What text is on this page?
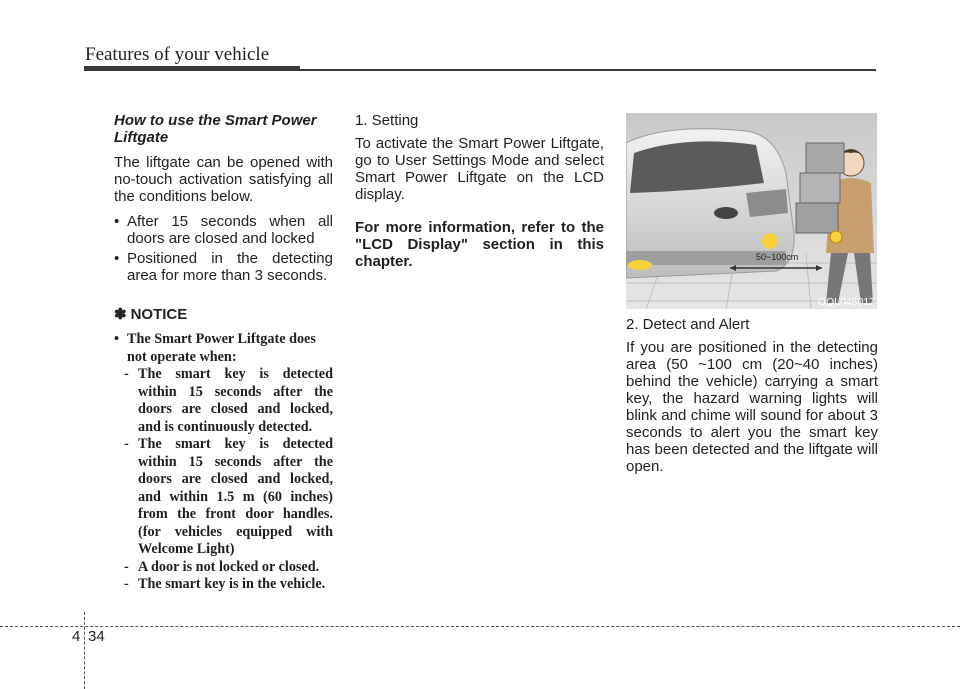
Features of your vehicle
How to use the Smart Power Liftgate

The liftgate can be opened with no-touch activation satisfying all the conditions below.

• After 15 seconds when all doors are closed and locked
• Positioned in the detecting area for more than 3 seconds.
✽ NOTICE
• The Smart Power Liftgate does not operate when:
- The smart key is detected within 15 seconds after the doors are closed and locked, and is continuously detected.
- The smart key is detected within 15 seconds after the doors are closed and locked, and within 1.5 m (60 inches) from the front door handles. (for vehicles equipped with Welcome Light)
- A door is not locked or closed.
- The smart key is in the vehicle.
1. Setting

To activate the Smart Power Liftgate, go to User Settings Mode and select Smart Power Liftgate on the LCD display.

For more information, refer to the "LCD Display" section in this chapter.	50~100cm
OQL045017
2. Detect and Alert

If you are positioned in the detecting area (50 ~100 cm (20~40 inches) behind the vehicle) carrying a smart key, the hazard warning lights will blink and chime will sound for about 3 seconds to alert you the smart key has been detected and the liftgate will open.

4 34
